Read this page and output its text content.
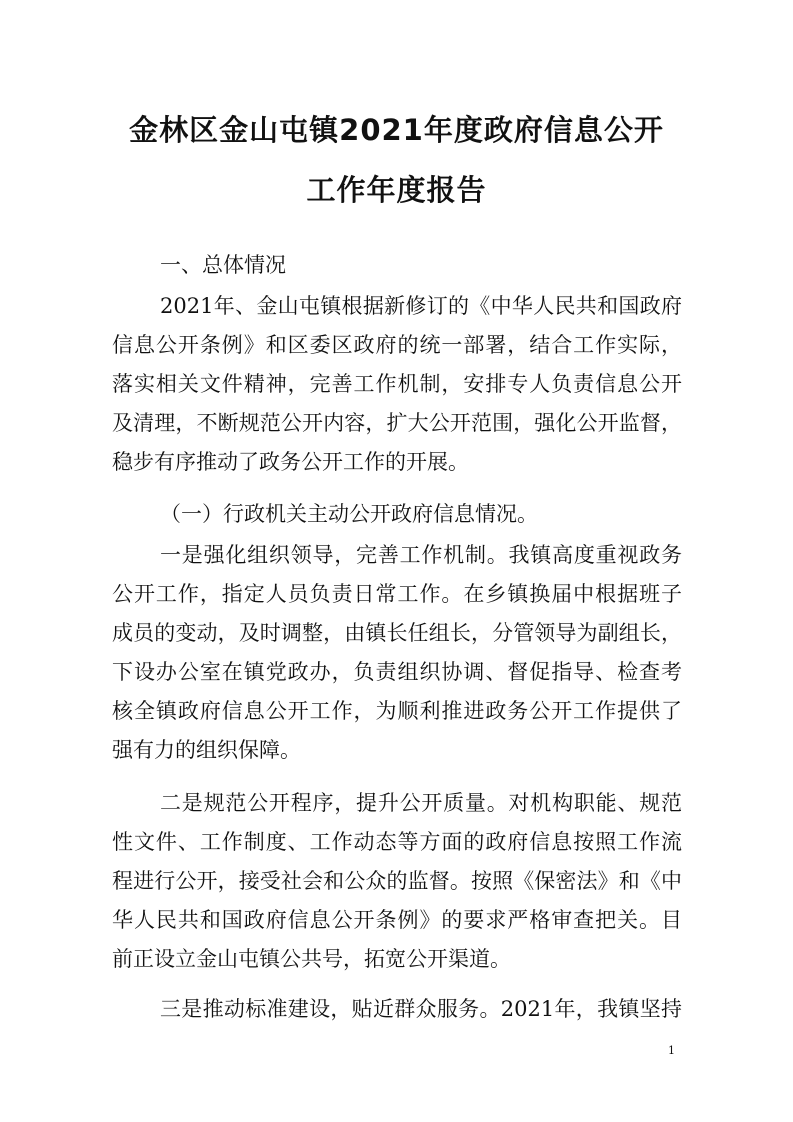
金林区金山屯镇2021年度政府信息公开
工作年度报告
一、总体情况
2021年、金山屯镇根据新修订的《中华人民共和国政府
信息公开条例》和区委区政府的统一部署，结合工作实际，
落实相关文件精神，完善工作机制，安排专人负责信息公开
及清理，不断规范公开内容，扩大公开范围，强化公开监督，
稳步有序推动了政务公开工作的开展。
（一）行政机关主动公开政府信息情况。
一是强化组织领导，完善工作机制。我镇高度重视政务
公开工作，指定人员负责日常工作。在乡镇换届中根据班子
成员的变动，及时调整，由镇长任组长，分管领导为副组长，
下设办公室在镇党政办，负责组织协调、督促指导、检查考
核全镇政府信息公开工作，为顺利推进政务公开工作提供了
强有力的组织保障。
二是规范公开程序，提升公开质量。对机构职能、规范
性文件、工作制度、工作动态等方面的政府信息按照工作流
程进行公开，接受社会和公众的监督。按照《保密法》和《中
华人民共和国政府信息公开条例》的要求严格审查把关。目
前正设立金山屯镇公共号，拓宽公开渠道。
三是推动标准建设，贴近群众服务。2021年，我镇坚持
1
